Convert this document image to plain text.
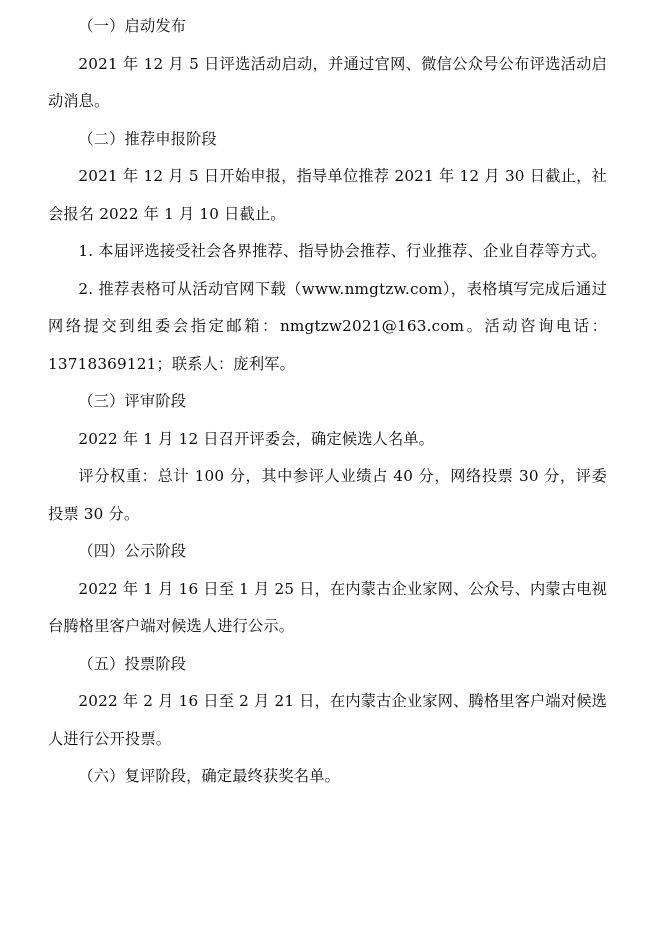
（一）启动发布

2021 年 12 月 5 日评选活动启动，并通过官网、微信公众号公布评选活动启动消息。

（二）推荐申报阶段

2021 年 12 月 5 日开始申报，指导单位推荐 2021 年 12 月 30 日截止，社会报名 2022 年 1 月 10 日截止。

1. 本届评选接受社会各界推荐、指导协会推荐、行业推荐、企业自荐等方式。

2. 推荐表格可从活动官网下载（www.nmgtzw.com），表格填写完成后通过网络提交到组委会指定邮箱：nmgtzw2021@163.com。活动咨询电话：13718369121；联系人：庞利军。

（三）评审阶段

2022 年 1 月 12 日召开评委会，确定候选人名单。

评分权重：总计 100 分，其中参评人业绩占 40 分，网络投票 30 分，评委投票 30 分。

（四）公示阶段

2022 年 1 月 16 日至 1 月 25 日，在内蒙古企业家网、公众号、内蒙古电视台腾格里客户端对候选人进行公示。

（五）投票阶段

2022 年 2 月 16 日至 2 月 21 日，在内蒙古企业家网、腾格里客户端对候选人进行公开投票。

（六）复评阶段，确定最终获奖名单。
